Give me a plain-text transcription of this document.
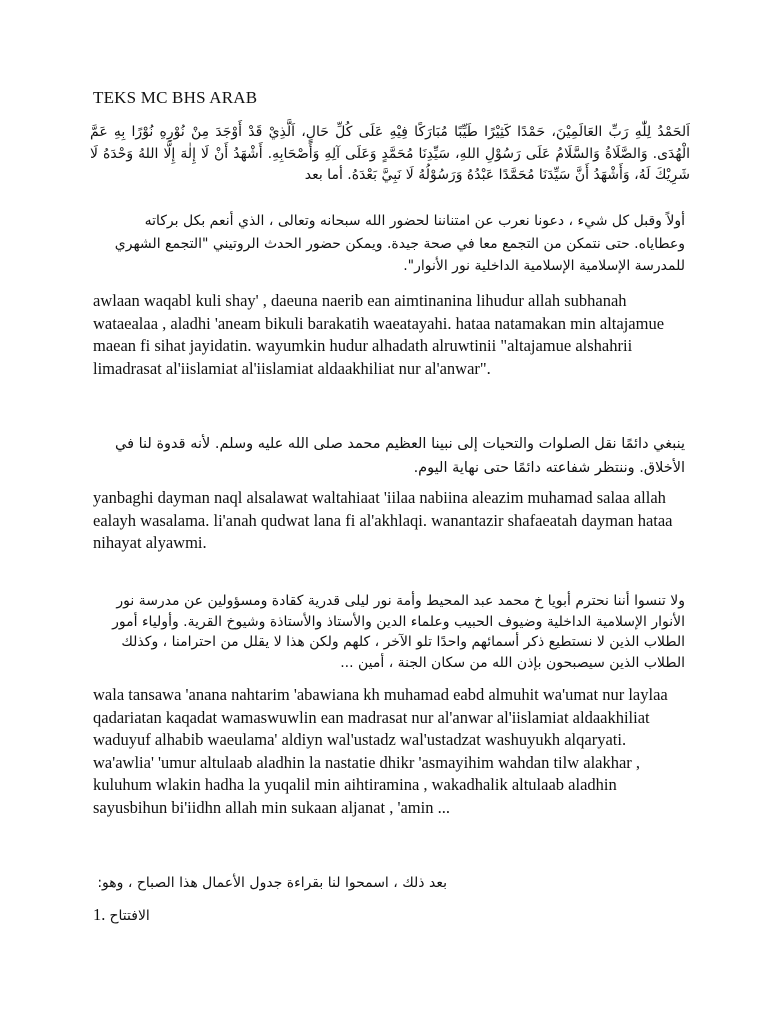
TEKS MC BHS ARAB
اَلحَمْدُ لِلّٰهِ رَبِّ العَالَمِيْنَ، حَمْدًا كَثِيْرًا طَيِّبًا مُبَارَكًا فِيْهِ عَلَى كُلِّ حَالٍ، اَلَّذِيْ قَدْ أَوْجَدَ مِنْ نُوْرِهِ نُوْرًا بِهِ عَمَّ الْهُدَى. وَالصَّلَاةُ وَالسَّلَامُ عَلَى رَسُوْلِ اللهِ، سَيِّدِنَا مُحَمَّدٍ وَعَلَى آلِهِ وَأَصْحَابِهِ. أَشْهَدُ أَنْ لَا إِلٰهَ إِلَّا اللهُ وَحْدَهُ لَا شَرِيْكَ لَهُ، وَأَشْهَدُ أَنَّ سَيِّدَنَا مُحَمَّدًا عَبْدُهُ وَرَسُوْلُهُ لَا نَبِيَّ بَعْدَهُ. أما بعد
أولاً وقبل كل شيء ، دعونا نعرب عن امتناننا لحضور الله سبحانه وتعالى ، الذي أنعم بكل بركاته وعطاياه. حتى نتمكن من التجمع معا في صحة جيدة. ويمكن حضور الحدث الروتيني "التجمع الشهري للمدرسة الإسلامية الإسلامية الداخلية نور الأنوار".
awlaan waqabl kuli shay' , daeuna naerib ean aimtinanina lihudur allah subhanah wataealaa , aladhi 'aneam bikuli barakatih waeatayahi. hataa natamakan min altajamue maean fi sihat jayidatin. wayumkin hudur alhadath alruwtinii "altajamue alshahrii limadrasat al'iislamiat al'iislamiat aldaakhiliat nur al'anwar".
ينبغي دائمًا نقل الصلوات والتحيات إلى نبينا العظيم محمد صلى الله عليه وسلم. لأنه قدوة لنا في الأخلاق. وننتظر شفاعته دائمًا حتى نهاية اليوم.
yanbaghi dayman naql alsalawat waltahiaat 'iilaa nabiina aleazim muhamad salaa allah ealayh wasalama. li'anah qudwat lana fi al'akhlaqi. wanantazir shafaeatah dayman hataa nihayat alyawmi.
ولا تنسوا أننا نحترم أبويا خ محمد عبد المحيط وأمة نور ليلى قدرية كقادة ومسؤولين عن مدرسة نور الأنوار الإسلامية الداخلية وضيوف الحبيب وعلماء الدين والأستاذ والأستاذة وشيوخ القرية. وأولياء أمور الطلاب الذين لا نستطيع ذكر أسمائهم واحدًا تلو الآخر ، كلهم ولكن هذا لا يقلل من احترامنا ، وكذلك الطلاب الذين سيصبحون بإذن الله من سكان الجنة ، أمين ...
wala tansawa 'anana nahtarim 'abawiana kh muhamad eabd almuhit wa'umat nur laylaa qadariatan kaqadat wamaswuwlin ean madrasat nur al'anwar al'iislamiat aldaakhiliat waduyuf alhabib waeulama' aldiyn wal'ustadz wal'ustadzat washuyukh alqaryati. wa'awlia' 'umur altulaab aladhin la nastatie dhikr 'asmayihim wahdan tilw alakhar , kuluhum wlakin hadha la yuqalil min aihtiramina , wakadhalik altulaab aladhin sayusbihun bi'iidhn allah min sukaan aljanat , 'amin ...
بعد ذلك ، اسمحوا لنا بقراءة جدول الأعمال هذا الصباح ، وهو:
1. الافتتاح
